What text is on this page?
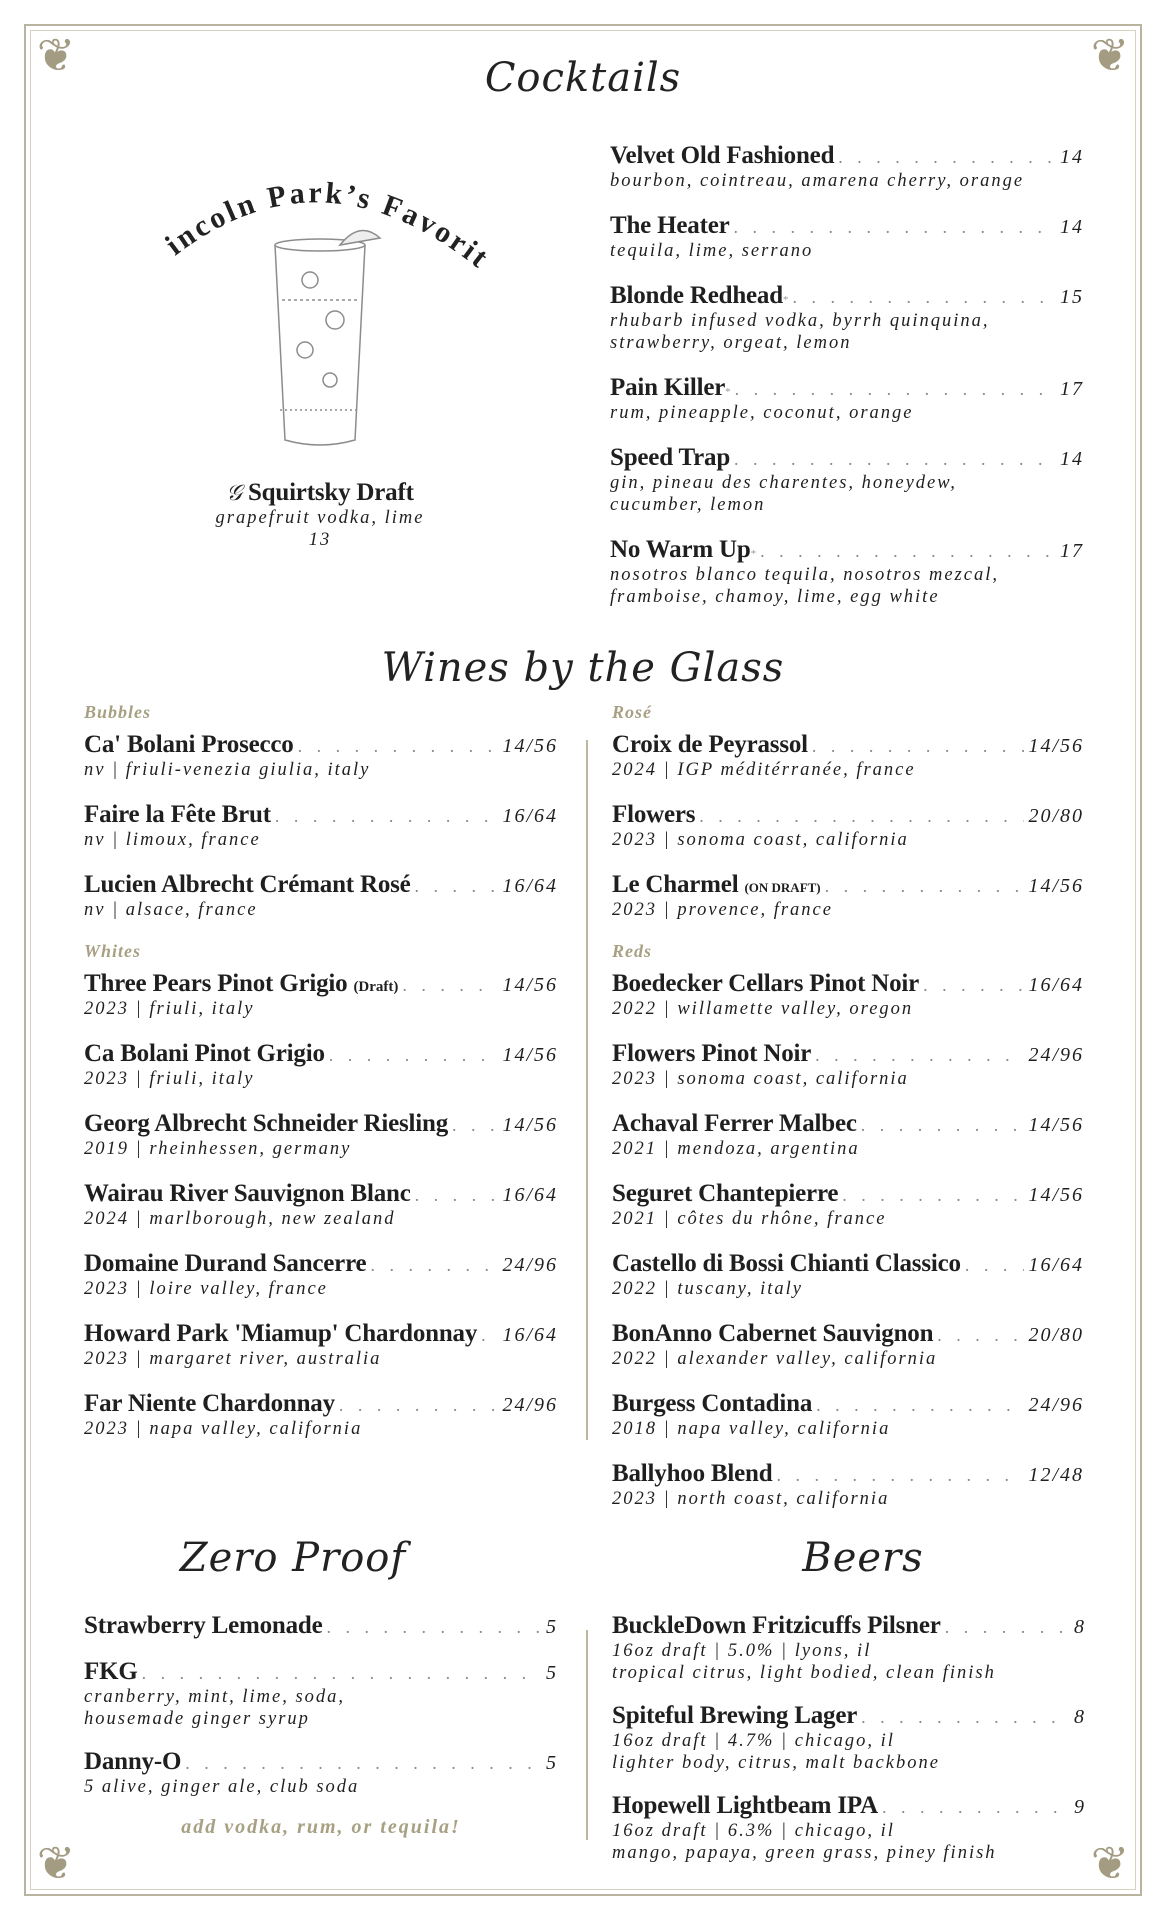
❦	❦
❦	❦
Cocktails
incoln Park’s Favori
𝒢 Squirtsky Draft
grapefruit vodka, lime
13
Velvet Old Fashioned . . .	14
bourbon, cointreau, amarena cherry, orange
The Heater . . .	14
tequila, lime, serrano
Blonde Redhead * . . .	15
rhubarb infused vodka, byrrh quinquina,
strawberry, orgeat, lemon
Pain Killer * . . .	17
rum, pineapple, coconut, orange
Speed Trap . . .	14
gin, pineau des charentes, honeydew,
cucumber, lemon
No Warm Up * . . .	17
nosotros blanco tequila, nosotros mezcal,
framboise, chamoy, lime, egg white
Wines by the Glass
Bubbles
Ca' Bolani Prosecco . . .	14/56
nv | friuli-venezia giulia, italy
Faire la Fête Brut . . .	16/64
nv | limoux, france
Lucien Albrecht Crémant Rosé . . .	16/64
nv | alsace, france
Whites
Three Pears Pinot Grigio (Draft) . . .	14/56
2023 | friuli, italy
Ca Bolani Pinot Grigio . . .	14/56
2023 | friuli, italy
Georg Albrecht Schneider Riesling . . .	14/56
2019 | rheinhessen, germany
Wairau River Sauvignon Blanc . . .	16/64
2024 | marlborough, new zealand
Domaine Durand Sancerre . . .	24/96
2023 | loire valley, france
Howard Park 'Miamup' Chardonnay . . . 16/64
2023 | margaret river, australia
Far Niente Chardonnay . . .	24/96
2023 | napa valley, california
Rosé
Croix de Peyrassol . . .	14/56
2024 | IGP méditérranée, france
Flowers . . .	20/80
2023 | sonoma coast, california
Le Charmel (ON DRAFT) . . .	14/56
2023 | provence, france
Reds
Boedecker Cellars Pinot Noir . . .	16/64
2022 | willamette valley, oregon
Flowers Pinot Noir . . .	24/96
2023 | sonoma coast, california
Achaval Ferrer Malbec . . .	14/56
2021 | mendoza, argentina
Seguret Chantepierre . . .	14/56
2021 | côtes du rhône, france
Castello di Bossi Chianti Classico . . .	16/64
2022 | tuscany, italy
BonAnno Cabernet Sauvignon . . .	20/80
2022 | alexander valley, california
Burgess Contadina . . .	24/96
2018 | napa valley, california
Ballyhoo Blend . . .	12/48
2023 | north coast, california
Zero Proof	Beers
Strawberry Lemonade . . .	5
FKG . . .	5
cranberry, mint, lime, soda,
housemade ginger syrup
Danny-O . . .	5
5 alive, ginger ale, club soda
add vodka, rum, or tequila!
BuckleDown Fritzicuffs Pilsner . . .	8
16oz draft | 5.0% | lyons, il
tropical citrus, light bodied, clean finish
Spiteful Brewing Lager . . .	8
16oz draft | 4.7% | chicago, il
lighter body, citrus, malt backbone
Hopewell Lightbeam IPA . . .	9
16oz draft | 6.3% | chicago, il
mango, papaya, green grass, piney finish
